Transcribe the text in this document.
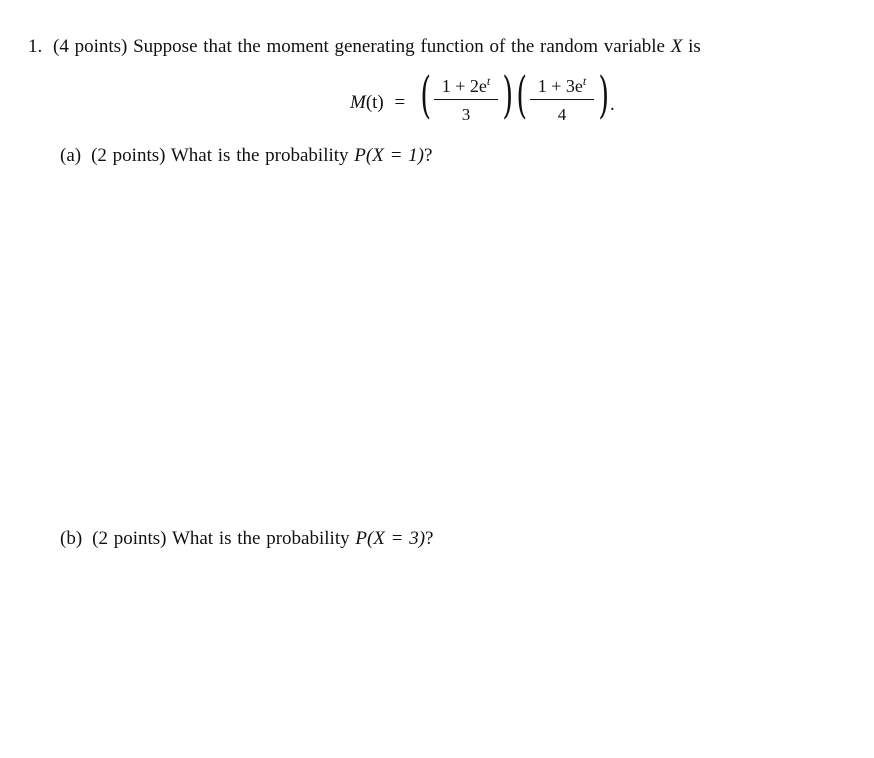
1. (4 points) Suppose that the moment generating function of the random variable X is
M(t) = ( $\frac{1 + 2e^t}{3}$ ) ( $\frac{1 + 3e^t}{4}$ ) .
(a) (2 points) What is the probability P(X = 1)?
(b) (2 points) What is the probability P(X = 3)?
